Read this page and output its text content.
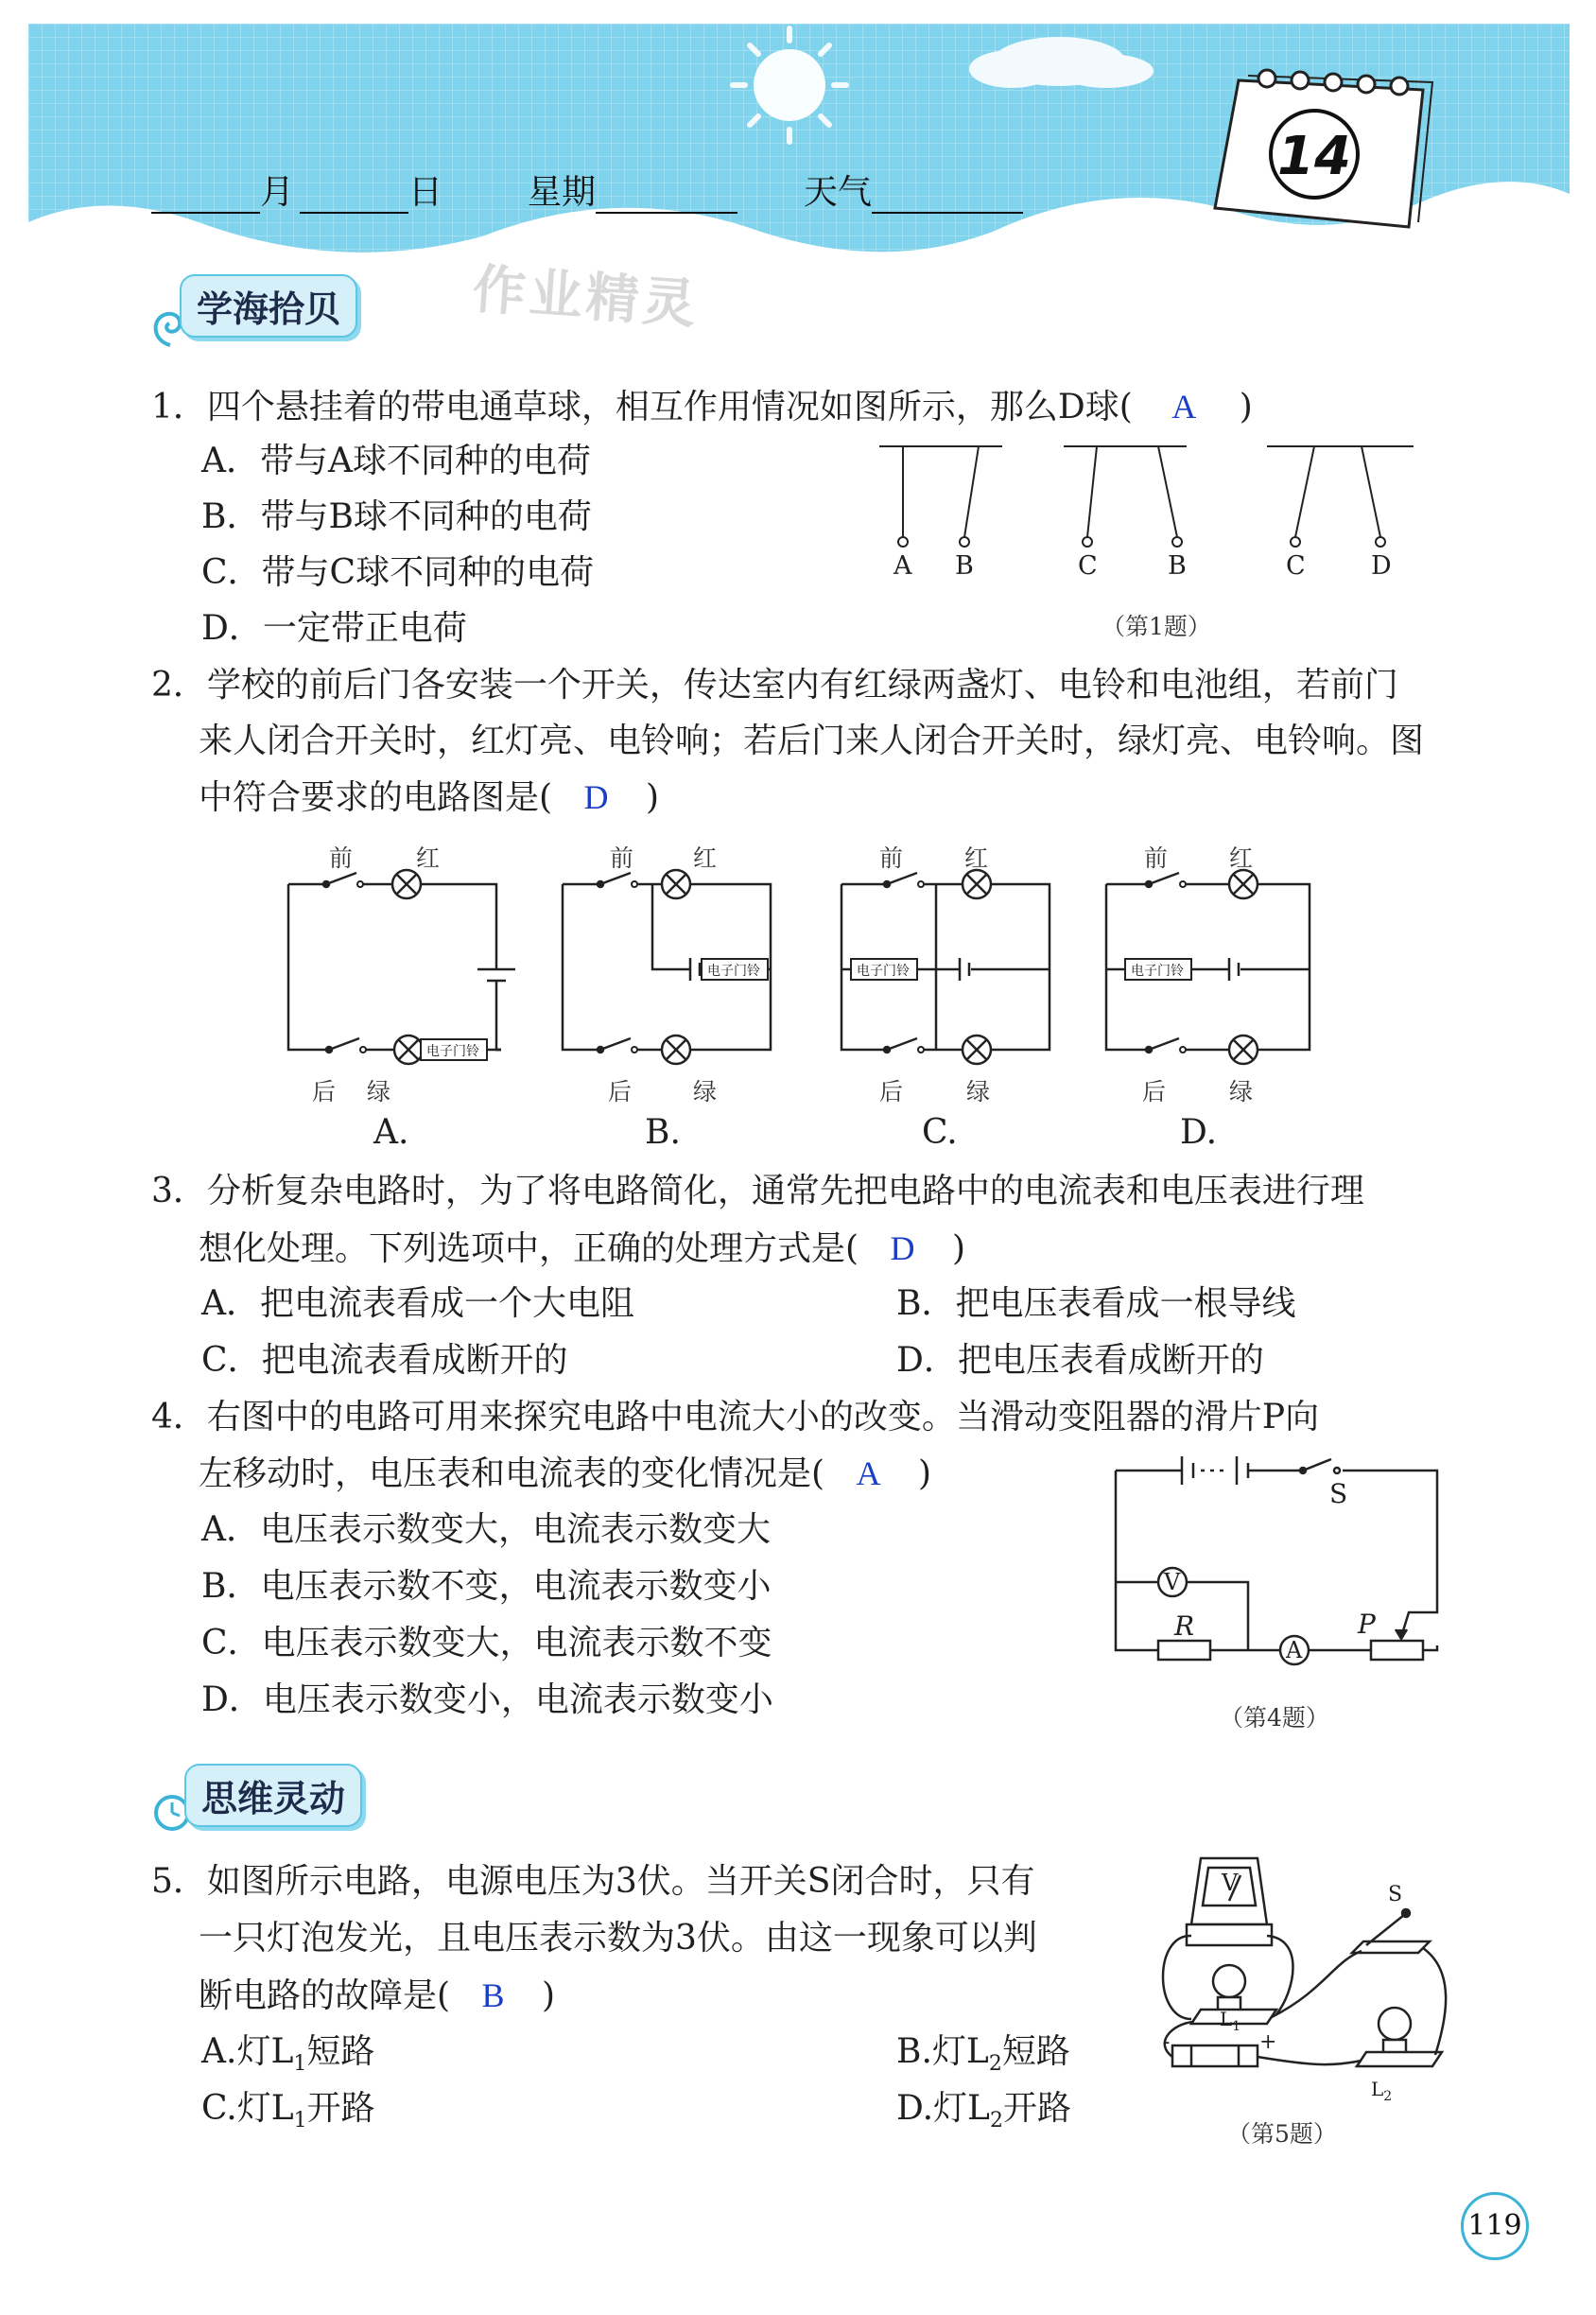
14
月	日	星期	天气
学海拾贝	作业精灵
1．四个悬挂着的带电通草球，相互作用情况如图所示，那么D球( A )
A．带与A球不同种的电荷
B．带与B球不同种的电荷
C．带与C球不同种的电荷
D．一定带正电荷
A B	C	B	C	D
（第1题）
2．学校的前后门各安装一个开关，传达室内有红绿两盏灯、电铃和电池组，若前门
来人闭合开关时，红灯亮、电铃响；若后门来人闭合开关时，绿灯亮、电铃响。图
中符合要求的电路图是( D )
前	红
后 绿
电子门铃
前	红
后	绿
电子门铃
前	红
后	绿
电子门铃
前	红
后	绿
电子门铃
A.	B.	C.	D.
3．分析复杂电路时，为了将电路简化，通常先把电路中的电流表和电压表进行理
想化处理。下列选项中，正确的处理方式是( D )
A．把电流表看成一个大电阻	B．把电压表看成一根导线
C．把电流表看成断开的	D．把电压表看成断开的
4．右图中的电路可用来探究电路中电流大小的改变。当滑动变阻器的滑片P向
左移动时，电压表和电流表的变化情况是( A )
A．电压表示数变大，电流表示数变大
B．电压表示数不变，电流表示数变小
C．电压表示数变大，电流表示数不变
D．电压表示数变小，电流表示数变小
S
V
R
A
P
（第4题）
思维灵动
5．如图所示电路，电源电压为3伏。当开关S闭合时，只有
一只灯泡发光，且电压表示数为3伏。由这一现象可以判
断电路的故障是( B )
A.灯$L_1$短路	B.灯$L_2$短路
C.灯$L_1$开路	D.灯$L_2$开路
V	S
$L_1$
$L_2$
-	+
（第5题）
119
